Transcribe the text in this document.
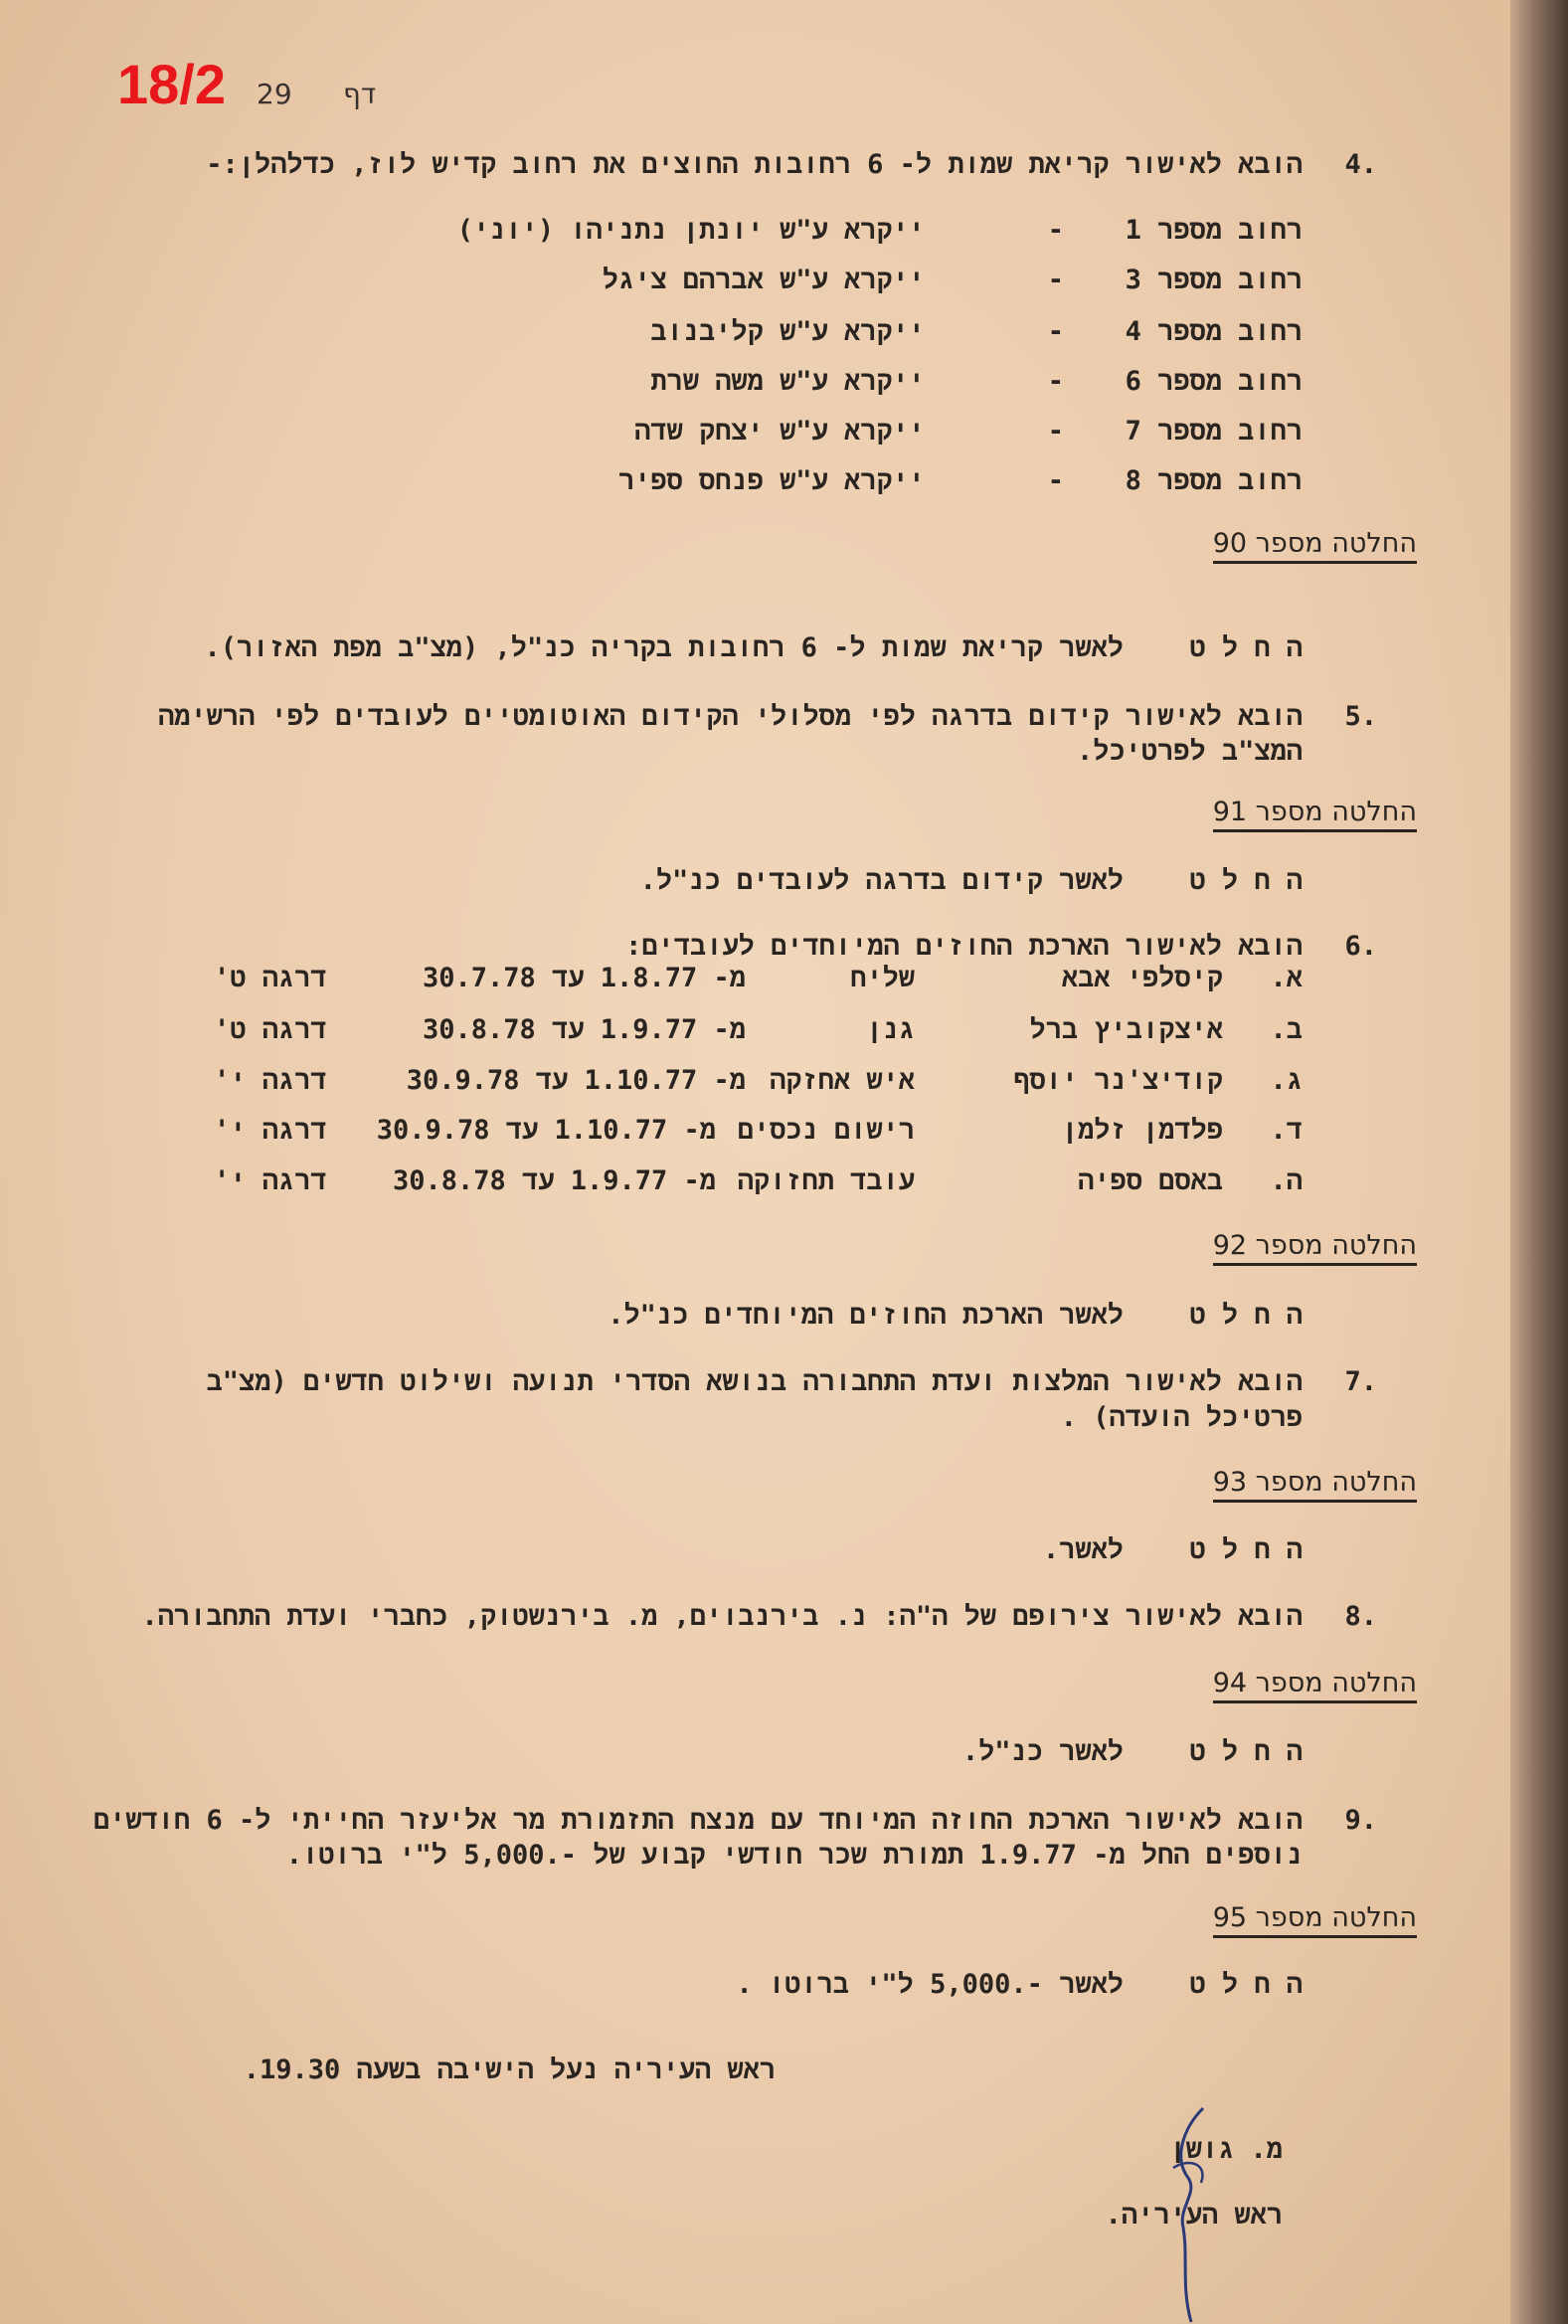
18/2 29 דף
.4
הובא לאישור קריאת שמות ל- 6 רחובות החוצים את רחוב קדיש לוז, כדלהלן:-
רחוב מספר 1
-
ייקרא ע"ש יונתן נתניהו (יוני)
רחוב מספר 3
-
ייקרא ע"ש אברהם ציגל
רחוב מספר 4
-
ייקרא ע"ש קליבנוב
רחוב מספר 6
-
ייקרא ע"ש משה שרת
רחוב מספר 7
-
ייקרא ע"ש יצחק שדה
רחוב מספר 8
-
ייקרא ע"ש פנחס ספיר
החלטה מספר 90
ה ח ל ט
לאשר קריאת שמות ל- 6 רחובות בקריה כנ"ל, (מצ"ב מפת האזור).
.5
הובא לאישור קידום בדרגה לפי מסלולי הקידום האוטומטיים לעובדים לפי הרשימה
המצ"ב לפרטיכל.
החלטה מספר 91
ה ח ל ט
לאשר קידום בדרגה לעובדים כנ"ל.
.6
הובא לאישור הארכת החוזים המיוחדים לעובדים:
א.
קיסלפי אבא
שליח
מ- 1.8.77 עד 30.7.78
דרגה ט'
ב.
איצקוביץ ברל
גנן
מ- 1.9.77 עד 30.8.78
דרגה ט'
ג.
קודיצ'נר יוסף
איש אחזקה
מ- 1.10.77 עד 30.9.78
דרגה י'
ד.
פלדמן זלמן
רישום נכסים
מ- 1.10.77 עד 30.9.78
דרגה י'
ה.
באסם ספיה
עובד תחזוקה
מ- 1.9.77 עד 30.8.78
דרגה י'
החלטה מספר 92
ה ח ל ט
לאשר הארכת החוזים המיוחדים כנ"ל.
.7
הובא לאישור המלצות ועדת התחבורה בנושא הסדרי תנועה ושילוט חדשים (מצ"ב
פרטיכל הועדה) .
החלטה מספר 93
ה ח ל ט
לאשר.
.8
הובא לאישור צירופם של ה"ה: נ. בירנבוים, מ. בירנשטוק, כחברי ועדת התחבורה.
החלטה מספר 94
ה ח ל ט
לאשר כנ"ל.
.9
הובא לאישור הארכת החוזה המיוחד עם מנצח התזמורת מר אליעזר החייתי ל- 6 חודשים
נוספים החל מ- 1.9.77 תמורת שכר חודשי קבוע של -.5,000 ל"י ברוטו.
החלטה מספר 95
ה ח ל ט
לאשר -.5,000 ל"י ברוטו .
ראש העיריה נעל הישיבה בשעה 19.30.
מ. גושן
ראש העיריה.
